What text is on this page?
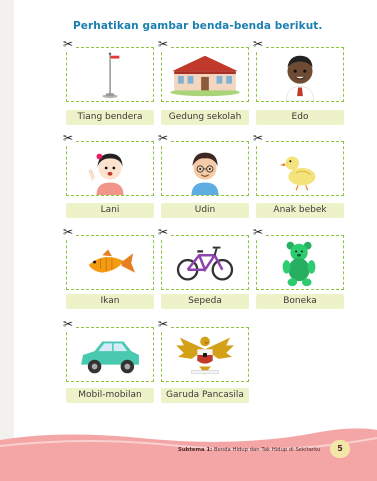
Perhatikan gambar benda-benda berikut.
✂
Tiang bendera
✂
Gedung sekolah
✂
Edo
✂
Lani
✂
Udin
✂
Anak bebek
✂
Ikan
✂
Sepeda
✂
Boneka
✂
Mobil-mobilan
✂
Garuda Pancasila
Subtema 1: Benda Hidup dan Tak Hidup di Sekitarku	5
